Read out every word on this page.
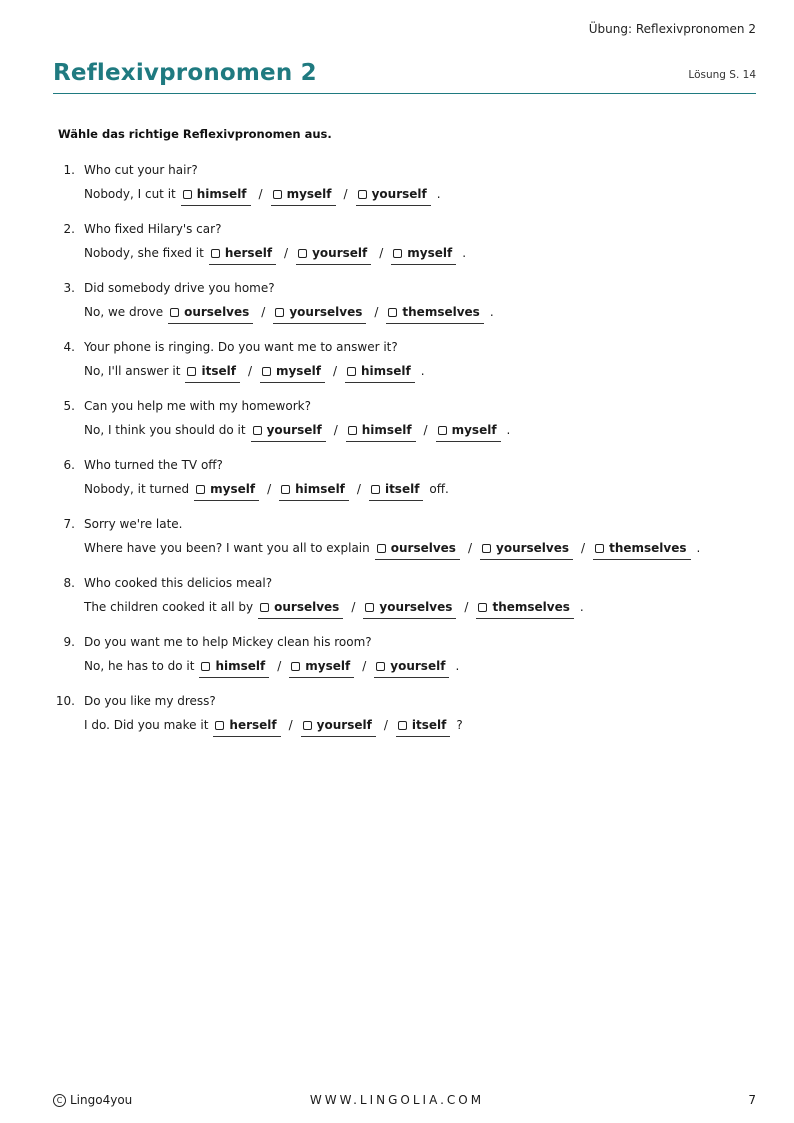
Übung: Reflexivpronomen 2
Reflexivpronomen 2	Lösung S. 14
Wähle das richtige Reflexivpronomen aus.
1. Who cut your hair?
Nobody, I cut it himself / myself / yourself .
2. Who fixed Hilary's car?
Nobody, she fixed it herself / yourself / myself .
3. Did somebody drive you home?
No, we drove ourselves / yourselves / themselves .
4. Your phone is ringing. Do you want me to answer it?
No, I'll answer it itself / myself / himself .
5. Can you help me with my homework?
No, I think you should do it yourself / himself / myself .
6. Who turned the TV off?
Nobody, it turned myself / himself / itself off.
7. Sorry we're late.
Where have you been? I want you all to explain ourselves / yourselves / themselves .
8. Who cooked this delicios meal?
The children cooked it all by ourselves / yourselves / themselves .
9. Do you want me to help Mickey clean his room?
No, he has to do it himself / myself / yourself .
10. Do you like my dress?
I do. Did you make it herself / yourself / itself ?
C Lingo4you	WWW.LINGOLIA.COM	7
